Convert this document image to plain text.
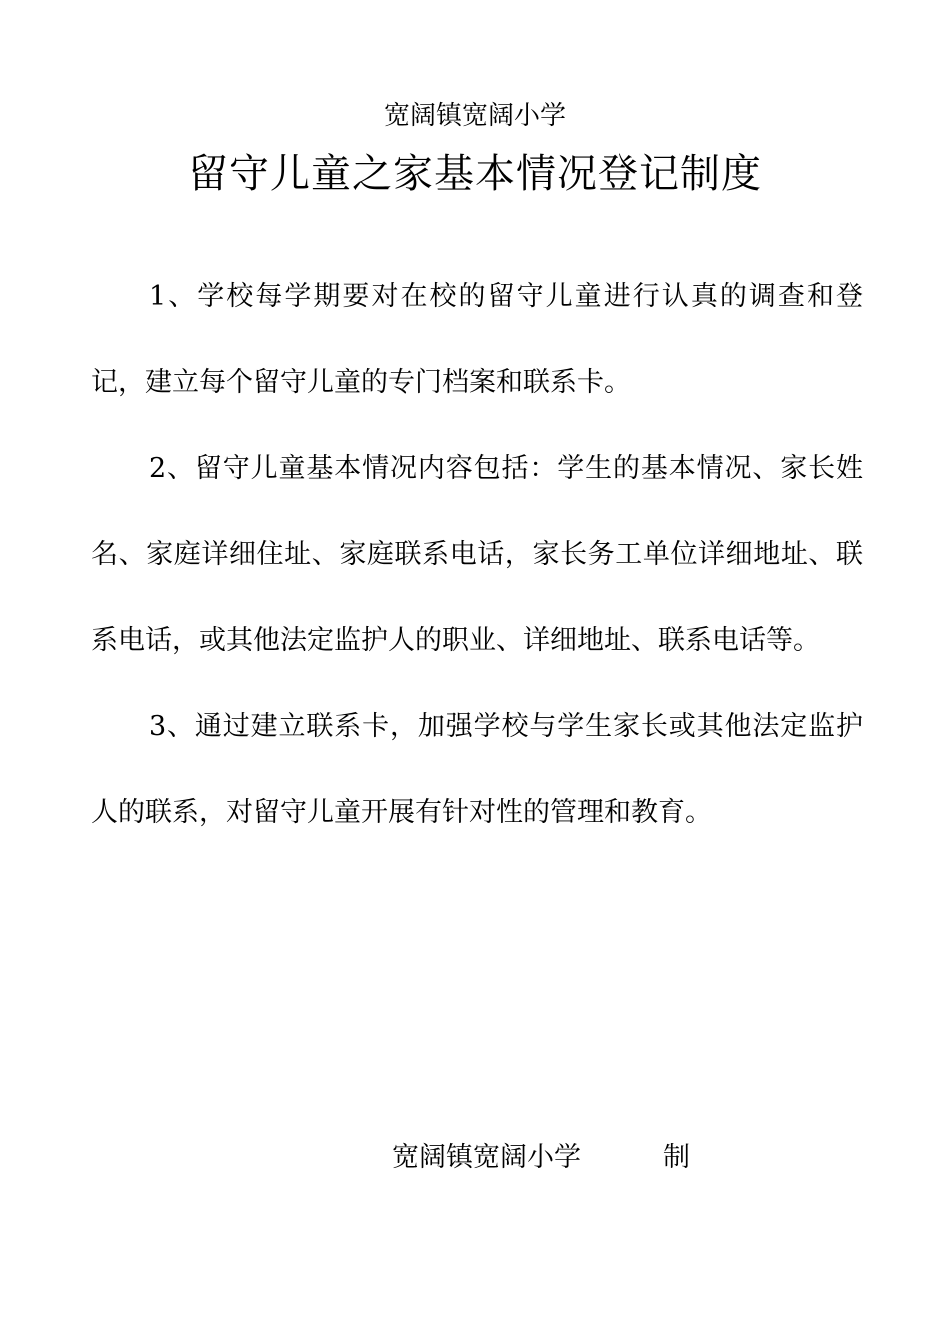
宽阔镇宽阔小学
留守儿童之家基本情况登记制度

1、学校每学期要对在校的留守儿童进行认真的调查和登记，建立每个留守儿童的专门档案和联系卡。

2、留守儿童基本情况内容包括：学生的基本情况、家长姓名、家庭详细住址、家庭联系电话，家长务工单位详细地址、联系电话，或其他法定监护人的职业、详细地址、联系电话等。

3、通过建立联系卡，加强学校与学生家长或其他法定监护人的联系，对留守儿童开展有针对性的管理和教育。

宽阔镇宽阔小学	制
